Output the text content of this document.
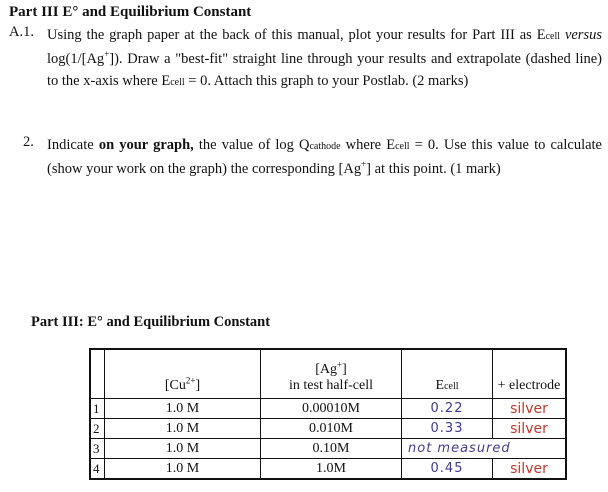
Part III E° and Equilibrium Constant
A.1. Using the graph paper at the back of this manual, plot your results for Part III as Ecell versus log(1/[Ag+]). Draw a "best-fit" straight line through your results and extrapolate (dashed line) to the x-axis where Ecell = 0. Attach this graph to your Postlab. (2 marks)
2. Indicate on your graph, the value of log Qcathode where Ecell = 0. Use this value to calculate (show your work on the graph) the corresponding [Ag+] at this point. (1 mark)
Part III: E° and Equilibrium Constant
	$[Cu^{2+}]$	[Ag+]
in test half-cell	Ecell	+ electrode
1	1.0 M	0.00010M	0.22	silver
2	1.0 M	0.010M	0.33	silver
3	1.0 M	0.10M	not measured	
4	1.0 M	1.0M	0.45	silver
